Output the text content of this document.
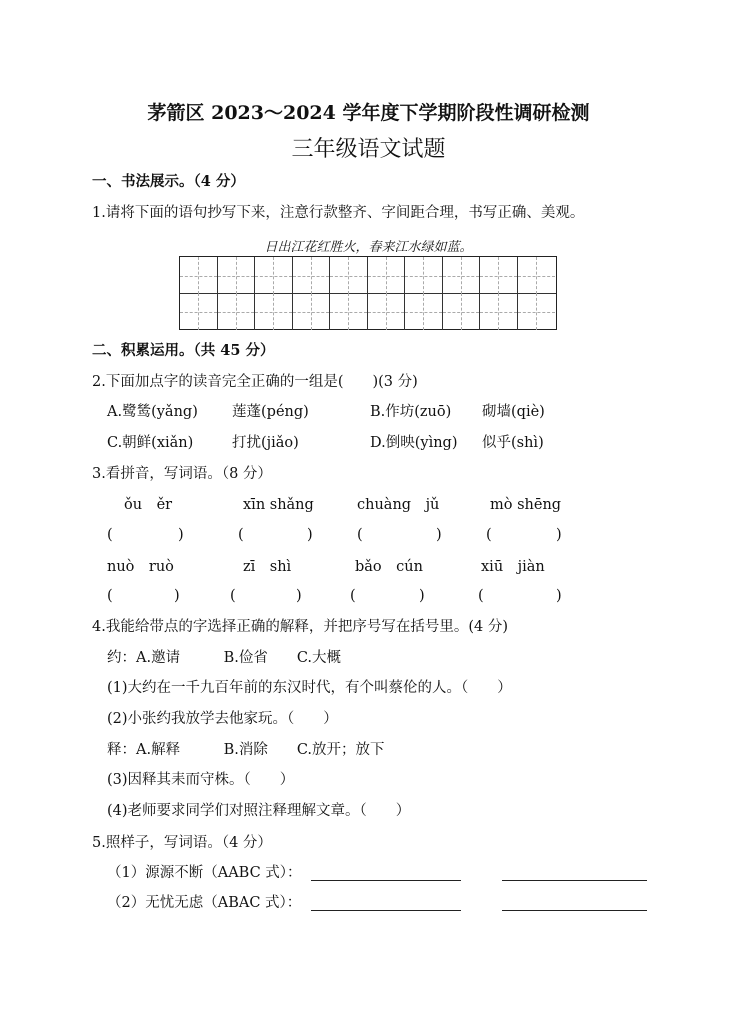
茅箭区 2023～2024 学年度下学期阶段性调研检测
三年级语文试题
一、书法展示。（4 分）
1.请将下面的语句抄写下来，注意行款整齐、字间距合理，书写正确、美观。
日出江花红胜火，春来江水绿如蓝。
二、积累运用。（共 45 分）
2.下面加点字的读音完全正确的一组是(　　)(3 分)
A.鹭鸶(yǎng) 莲蓬(péng)	B.作坊(zuō) 砌墙(qiè)
C.朝鲜(xiǎn)	打扰(jiǎo)	D.倒映(yìng) 似乎(shì)
3.看拼音，写词语。（8 分）
ǒu　ěr	xīn shǎng	chuàng　jǔ	mò shēng
(	)	(	)	(	)	(	)
nuò　ruò	zī　shì	bǎo　cún	xiū　jiàn
(	)	(	)	(	)	(	)
4.我能给带点的字选择正确的解释，并把序号写在括号里。(4 分)
约：A.邀请　　　B.俭省　　C.大概
(1)大约在一千九百年前的东汉时代，有个叫蔡伦的人。（　　）
(2)小张约我放学去他家玩。（　　）
释：A.解释　　　B.消除　　C.放开；放下
(3)因释其耒而守株。（　　）
(4)老师要求同学们对照注释理解文章。（　　）
5.照样子，写词语。（4 分）
（1）源源不断（AABC 式）：
（2）无忧无虑（ABAC 式）：
